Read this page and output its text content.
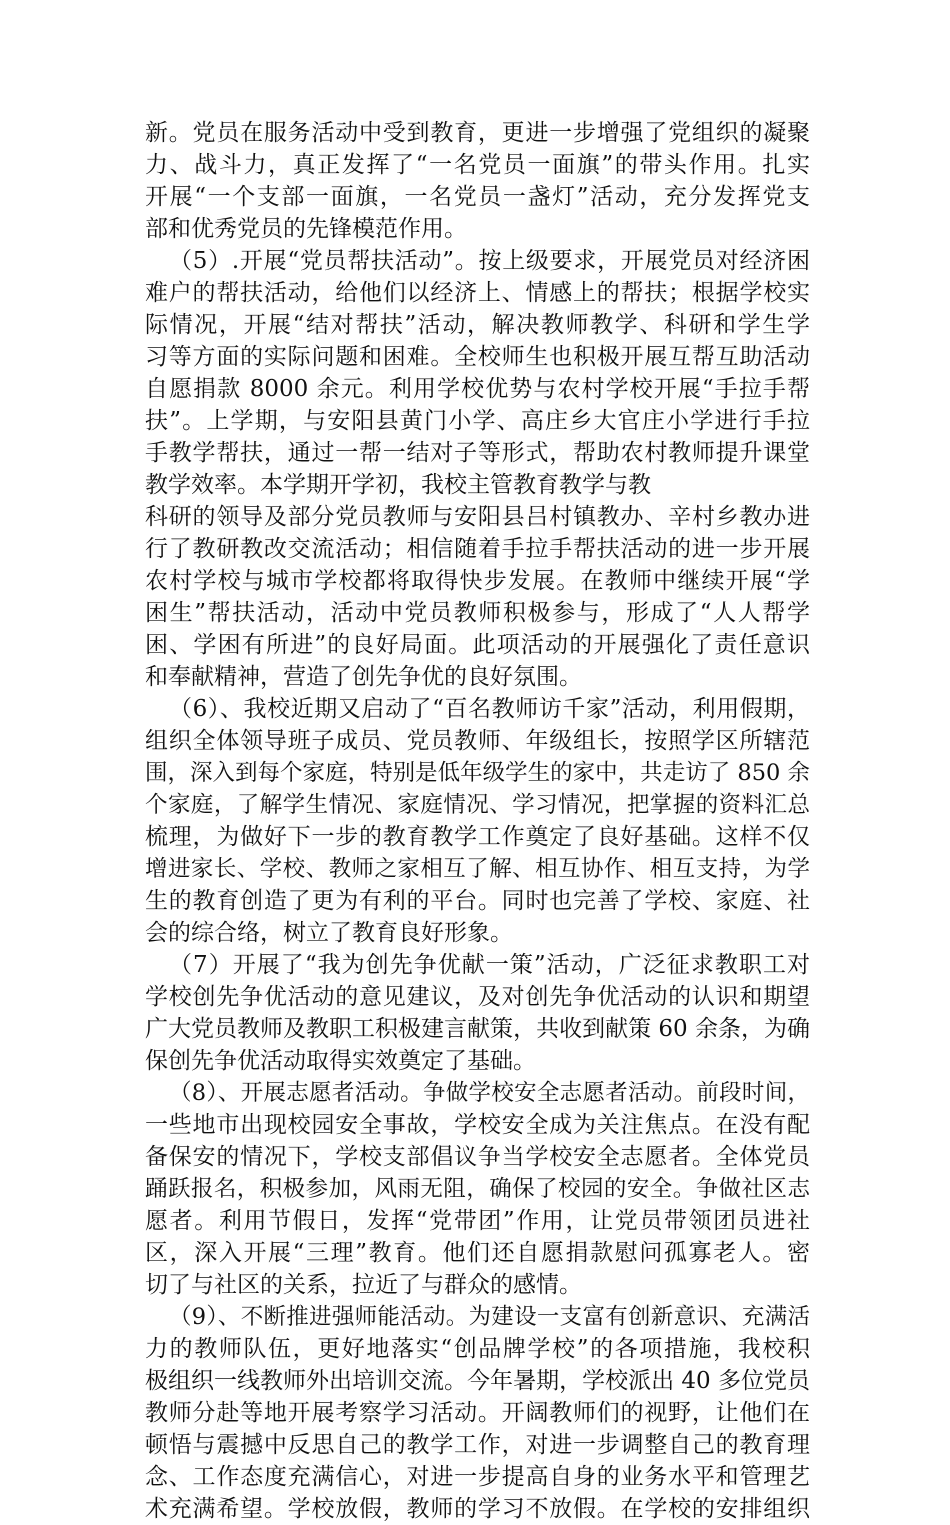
新。党员在服务活动中受到教育，更进一步增强了党组织的凝聚
力、战斗力，真正发挥了“一名党员一面旗”的带头作用。扎实
开展“一个支部一面旗，一名党员一盏灯”活动，充分发挥党支
部和优秀党员的先锋模范作用。
（5）.开展“党员帮扶活动”。按上级要求，开展党员对经济困
难户的帮扶活动，给他们以经济上、情感上的帮扶；根据学校实
际情况，开展“结对帮扶”活动，解决教师教学、科研和学生学
习等方面的实际问题和困难。全校师生也积极开展互帮互助活动
自愿捐款 8000 余元。利用学校优势与农村学校开展“手拉手帮
扶”。上学期，与安阳县黄门小学、高庄乡大官庄小学进行手拉
手教学帮扶，通过一帮一结对子等形式，帮助农村教师提升课堂
教学效率。本学期开学初，我校主管教育教学与教
科研的领导及部分党员教师与安阳县吕村镇教办、辛村乡教办进
行了教研教改交流活动；相信随着手拉手帮扶活动的进一步开展
农村学校与城市学校都将取得快步发展。在教师中继续开展“学
困生”帮扶活动，活动中党员教师积极参与，形成了“人人帮学
困、学困有所进”的良好局面。此项活动的开展强化了责任意识
和奉献精神，营造了创先争优的良好氛围。
（6）、我校近期又启动了“百名教师访千家”活动，利用假期，
组织全体领导班子成员、党员教师、年级组长，按照学区所辖范
围，深入到每个家庭，特别是低年级学生的家中，共走访了 850 余
个家庭，了解学生情况、家庭情况、学习情况，把掌握的资料汇总
梳理，为做好下一步的教育教学工作奠定了良好基础。这样不仅
增进家长、学校、教师之家相互了解、相互协作、相互支持，为学
生的教育创造了更为有利的平台。同时也完善了学校、家庭、社
会的综合络，树立了教育良好形象。
（7）开展了“我为创先争优献一策”活动，广泛征求教职工对
学校创先争优活动的意见建议，及对创先争优活动的认识和期望
广大党员教师及教职工积极建言献策，共收到献策 60 余条，为确
保创先争优活动取得实效奠定了基础。
（8）、开展志愿者活动。争做学校安全志愿者活动。前段时间，
一些地市出现校园安全事故，学校安全成为关注焦点。在没有配
备保安的情况下，学校支部倡议争当学校安全志愿者。全体党员
踊跃报名，积极参加，风雨无阻，确保了校园的安全。争做社区志
愿者。利用节假日，发挥“党带团”作用，让党员带领团员进社
区，深入开展“三理”教育。他们还自愿捐款慰问孤寡老人。密
切了与社区的关系，拉近了与群众的感情。
（9）、不断推进强师能活动。为建设一支富有创新意识、充满活
力的教师队伍，更好地落实“创品牌学校”的各项措施，我校积
极组织一线教师外出培训交流。今年暑期，学校派出 40 多位党员
教师分赴等地开展考察学习活动。开阔教师们的视野，让他们在
顿悟与震撼中反思自己的教学工作，对进一步调整自己的教育理
念、工作态度充满信心，对进一步提高自身的业务水平和管理艺
术充满希望。学校放假，教师的学习不放假。在学校的安排组织
